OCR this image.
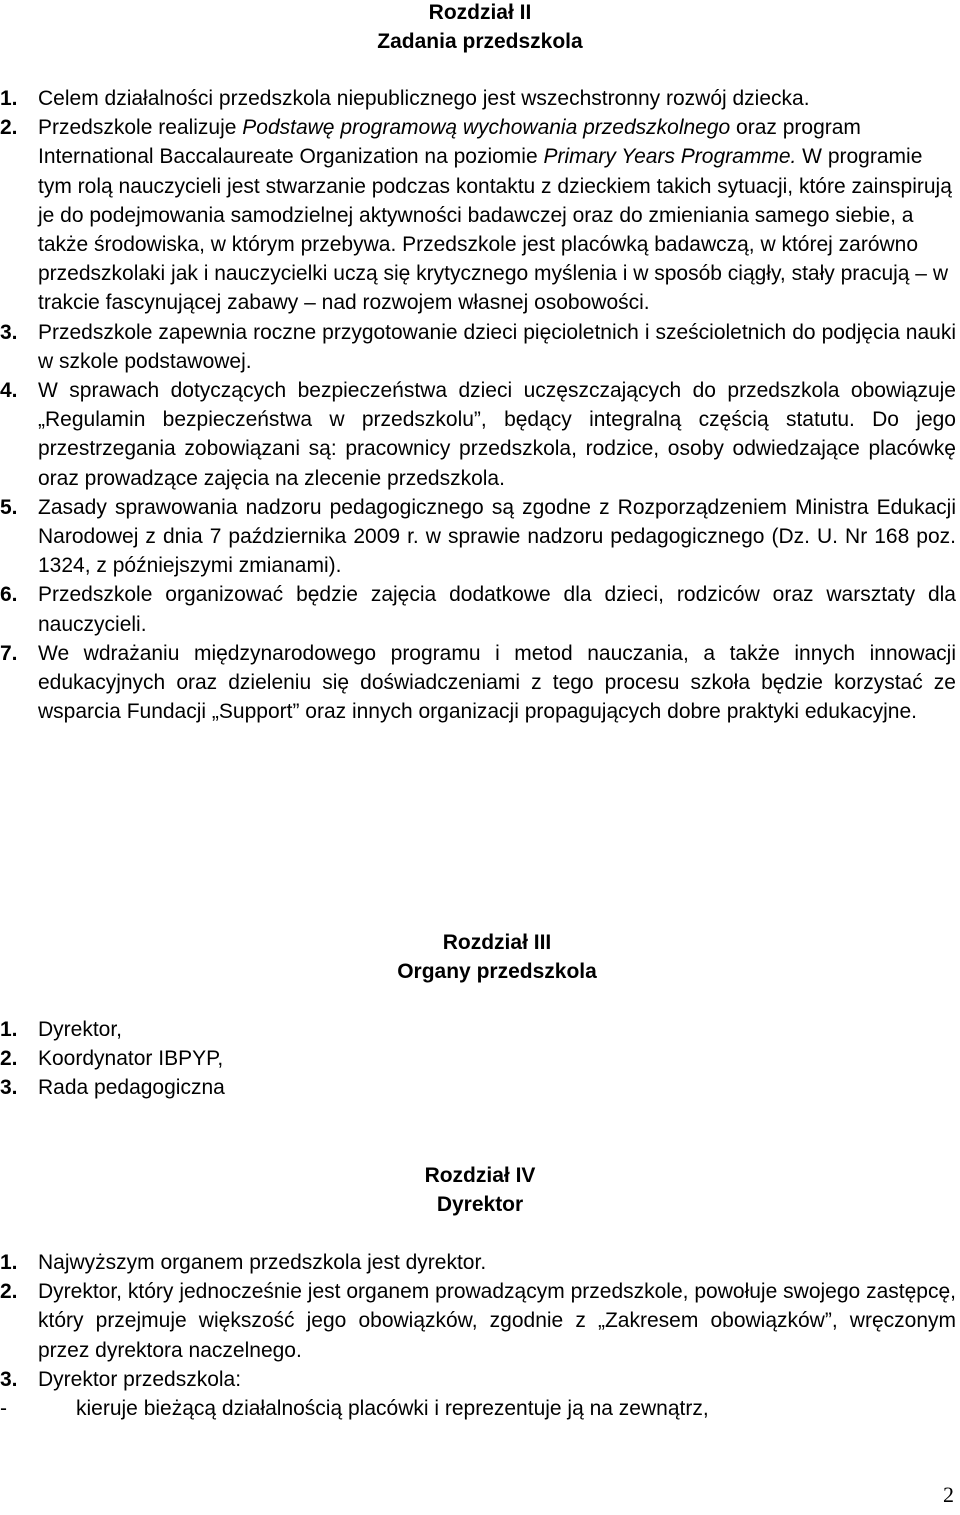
Rozdział II
Zadania przedszkola
1. Celem działalności przedszkola niepublicznego jest wszechstronny rozwój dziecka.
2. Przedszkole realizuje Podstawę programową wychowania przedszkolnego oraz program International Baccalaureate Organization na poziomie Primary Years Programme. W programie tym rolą nauczycieli jest stwarzanie podczas kontaktu z dzieckiem takich sytuacji, które zainspirują je do podejmowania samodzielnej aktywności badawczej oraz do zmieniania samego siebie, a także środowiska, w którym przebywa. Przedszkole jest placówką badawczą, w której zarówno przedszkolaki jak i nauczycielki uczą się krytycznego myślenia i w sposób ciągły, stały pracują – w trakcie fascynującej zabawy – nad rozwojem własnej osobowości.
3. Przedszkole zapewnia roczne przygotowanie dzieci pięcioletnich i sześcioletnich do podjęcia nauki w szkole podstawowej.
4. W sprawach dotyczących bezpieczeństwa dzieci uczęszczających do przedszkola obowiązuje „Regulamin bezpieczeństwa w przedszkolu”, będący integralną częścią statutu. Do jego przestrzegania zobowiązani są: pracownicy przedszkola, rodzice, osoby odwiedzające placówkę oraz prowadzące zajęcia na zlecenie przedszkola.
5. Zasady sprawowania nadzoru pedagogicznego są zgodne z Rozporządzeniem Ministra Edukacji Narodowej z dnia 7 października 2009 r. w sprawie nadzoru pedagogicznego (Dz. U. Nr 168 poz. 1324, z późniejszymi zmianami).
6. Przedszkole organizować będzie zajęcia dodatkowe dla dzieci, rodziców oraz warsztaty dla nauczycieli.
7. We wdrażaniu międzynarodowego programu i metod nauczania, a także innych innowacji edukacyjnych oraz dzieleniu się doświadczeniami z tego procesu szkoła będzie korzystać ze wsparcia Fundacji „Support” oraz innych organizacji propagujących dobre praktyki edukacyjne.
Rozdział III
Organy przedszkola
1. Dyrektor,
2. Koordynator IBPYP,
3. Rada pedagogiczna
Rozdział IV
Dyrektor
1. Najwyższym organem przedszkola jest dyrektor.
2. Dyrektor, który jednocześnie jest organem prowadzącym przedszkole, powołuje swojego zastępcę, który przejmuje większość jego obowiązków, zgodnie z „Zakresem obowiązków”, wręczonym przez dyrektora naczelnego.
3. Dyrektor przedszkola:
-	kieruje bieżącą działalnością placówki i reprezentuje ją na zewnątrz,
2
